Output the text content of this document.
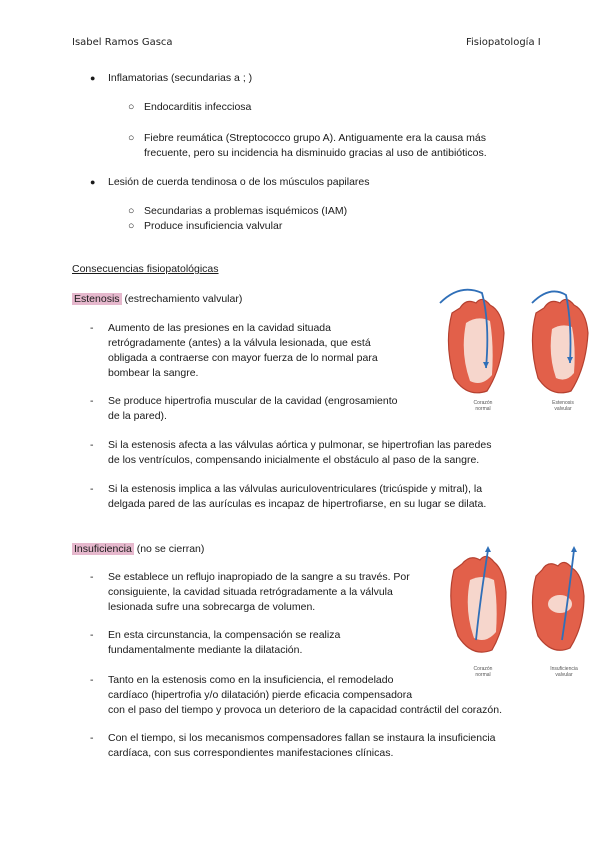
Isabel Ramos Gasca	Fisiopatología I
● Inflamatorias (secundarias a ; )
○ Endocarditis infecciosa
○ Fiebre reumática (Streptococco grupo A). Antiguamente era la causa más
frecuente, pero su incidencia ha disminuido gracias al uso de antibióticos.
● Lesión de cuerda tendinosa o de los músculos papilares
○ Secundarias a problemas isquémicos (IAM)
○ Produce insuficiencia valvular
Consecuencias fisiopatológicas
Estenosis (estrechamiento valvular)
- Aumento de las presiones en la cavidad situada
retrógradamente (antes) a la válvula lesionada, que está
obligada a contraerse con mayor fuerza de lo normal para
bombear la sangre.
- Se produce hipertrofia muscular de la cavidad (engrosamiento
de la pared).
- Si la estenosis afecta a las válvulas aórtica y pulmonar, se hipertrofian las paredes
de los ventrículos, compensando inicialmente el obstáculo al paso de la sangre.
- Si la estenosis implica a las válvulas auriculoventriculares (tricúspide y mitral), la
delgada pared de las aurículas es incapaz de hipertrofiarse, en su lugar se dilata.
Corazón normal
Estenosis valvular
Insuficiencia (no se cierran)
- Se establece un reflujo inapropiado de la sangre a su través. Por
consiguiente, la cavidad situada retrógradamente a la válvula
lesionada sufre una sobrecarga de volumen.
- En esta circunstancia, la compensación se realiza
fundamentalmente mediante la dilatación.
- Tanto en la estenosis como en la insuficiencia, el remodelado
cardíaco (hipertrofia y/o dilatación) pierde eficacia compensadora
con el paso del tiempo y provoca un deterioro de la capacidad contráctil del corazón.
- Con el tiempo, si los mecanismos compensadores fallan se instaura la insuficiencia
cardíaca, con sus correspondientes manifestaciones clínicas.
Corazón normal
Insuficiencia valvular
